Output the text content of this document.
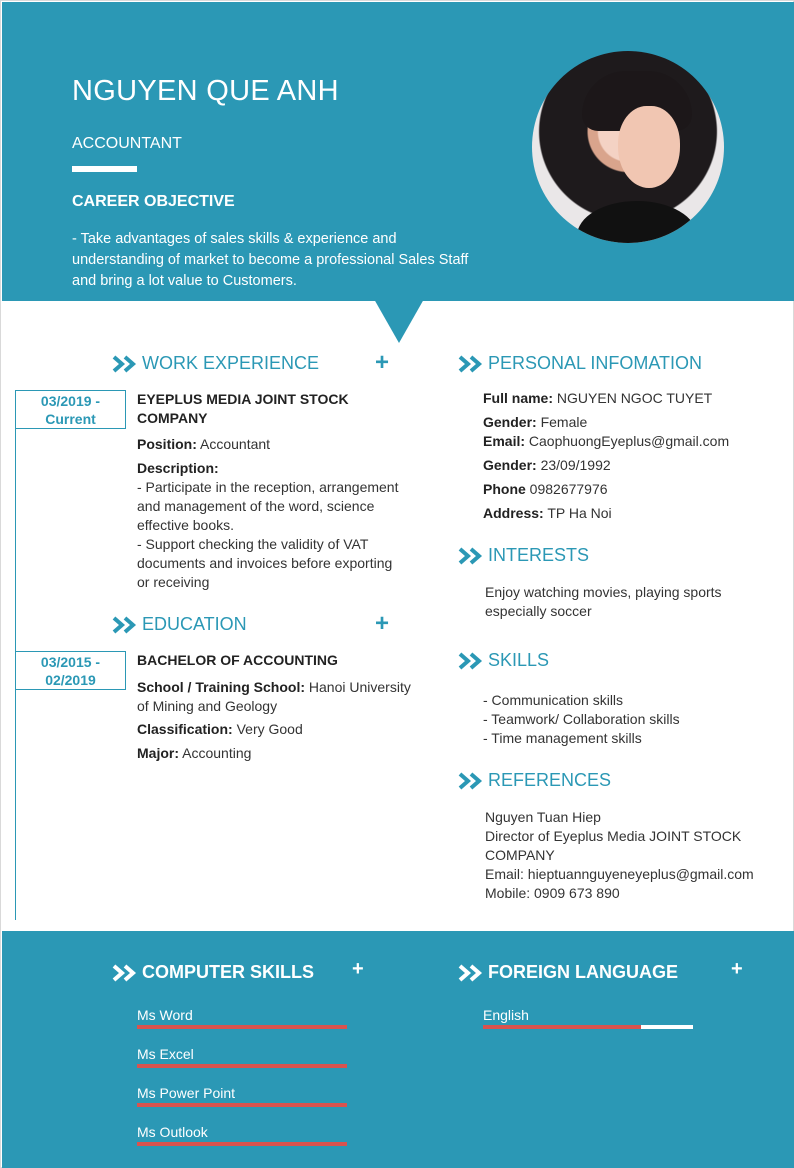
NGUYEN QUE ANH
ACCOUNTANT
CAREER OBJECTIVE
- Take advantages of sales skills & experience and
understanding of market to become a professional Sales Staff
and bring a lot value to Customers.
WORK EXPERIENCE +
03/2019 -
Current
EYEPLUS MEDIA JOINT STOCK
COMPANY
Position: Accountant
Description:
- Participate in the reception, arrangement
and management of the word, science
effective books.
- Support checking the validity of VAT
documents and invoices before exporting
or receiving
EDUCATION	+
03/2015 -
02/2019
BACHELOR OF ACCOUNTING
School / Training School: Hanoi University
of Mining and Geology
Classification: Very Good
Major: Accounting
PERSONAL INFOMATION
Full name: NGUYEN NGOC TUYET
Gender: Female
Email: CaophuongEyeplus@gmail.com
Gender: 23/09/1992
Phone 0982677976
Address: TP Ha Noi
INTERESTS
Enjoy watching movies, playing sports
especially soccer
SKILLS
- Communication skills
- Teamwork/ Collaboration skills
- Time management skills
REFERENCES
Nguyen Tuan Hiep
Director of Eyeplus Media JOINT STOCK
COMPANY
Email: hieptuannguyeneyeplus@gmail.com
Mobile: 0909 673 890
COMPUTER SKILLS +
Ms Word
Ms Excel
Ms Power Point
Ms Outlook
FOREIGN LANGUAGE	+
English
